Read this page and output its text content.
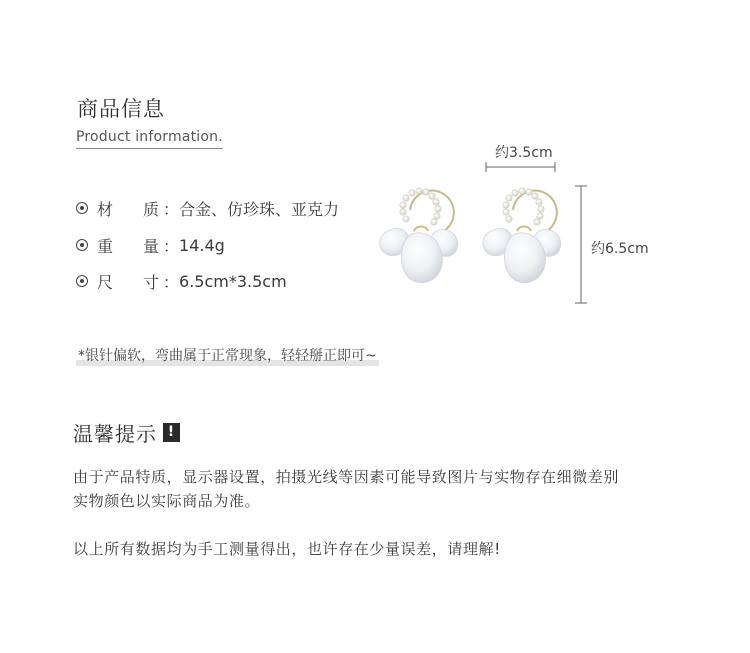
商品信息
Product information.
材	质 ： 合金、仿珍珠、亚克力
重	量 ： 14.4g
尺	寸 ： 6.5cm*3.5cm
约3.5cm
约6.5cm
*银针偏软，弯曲属于正常现象，轻轻掰正即可~
温馨提示 !
由于产品特质，显示器设置，拍摄光线等因素可能导致图片与实物存在细微差别
实物颜色以实际商品为准。
以上所有数据均为手工测量得出，也许存在少量误差，请理解!
